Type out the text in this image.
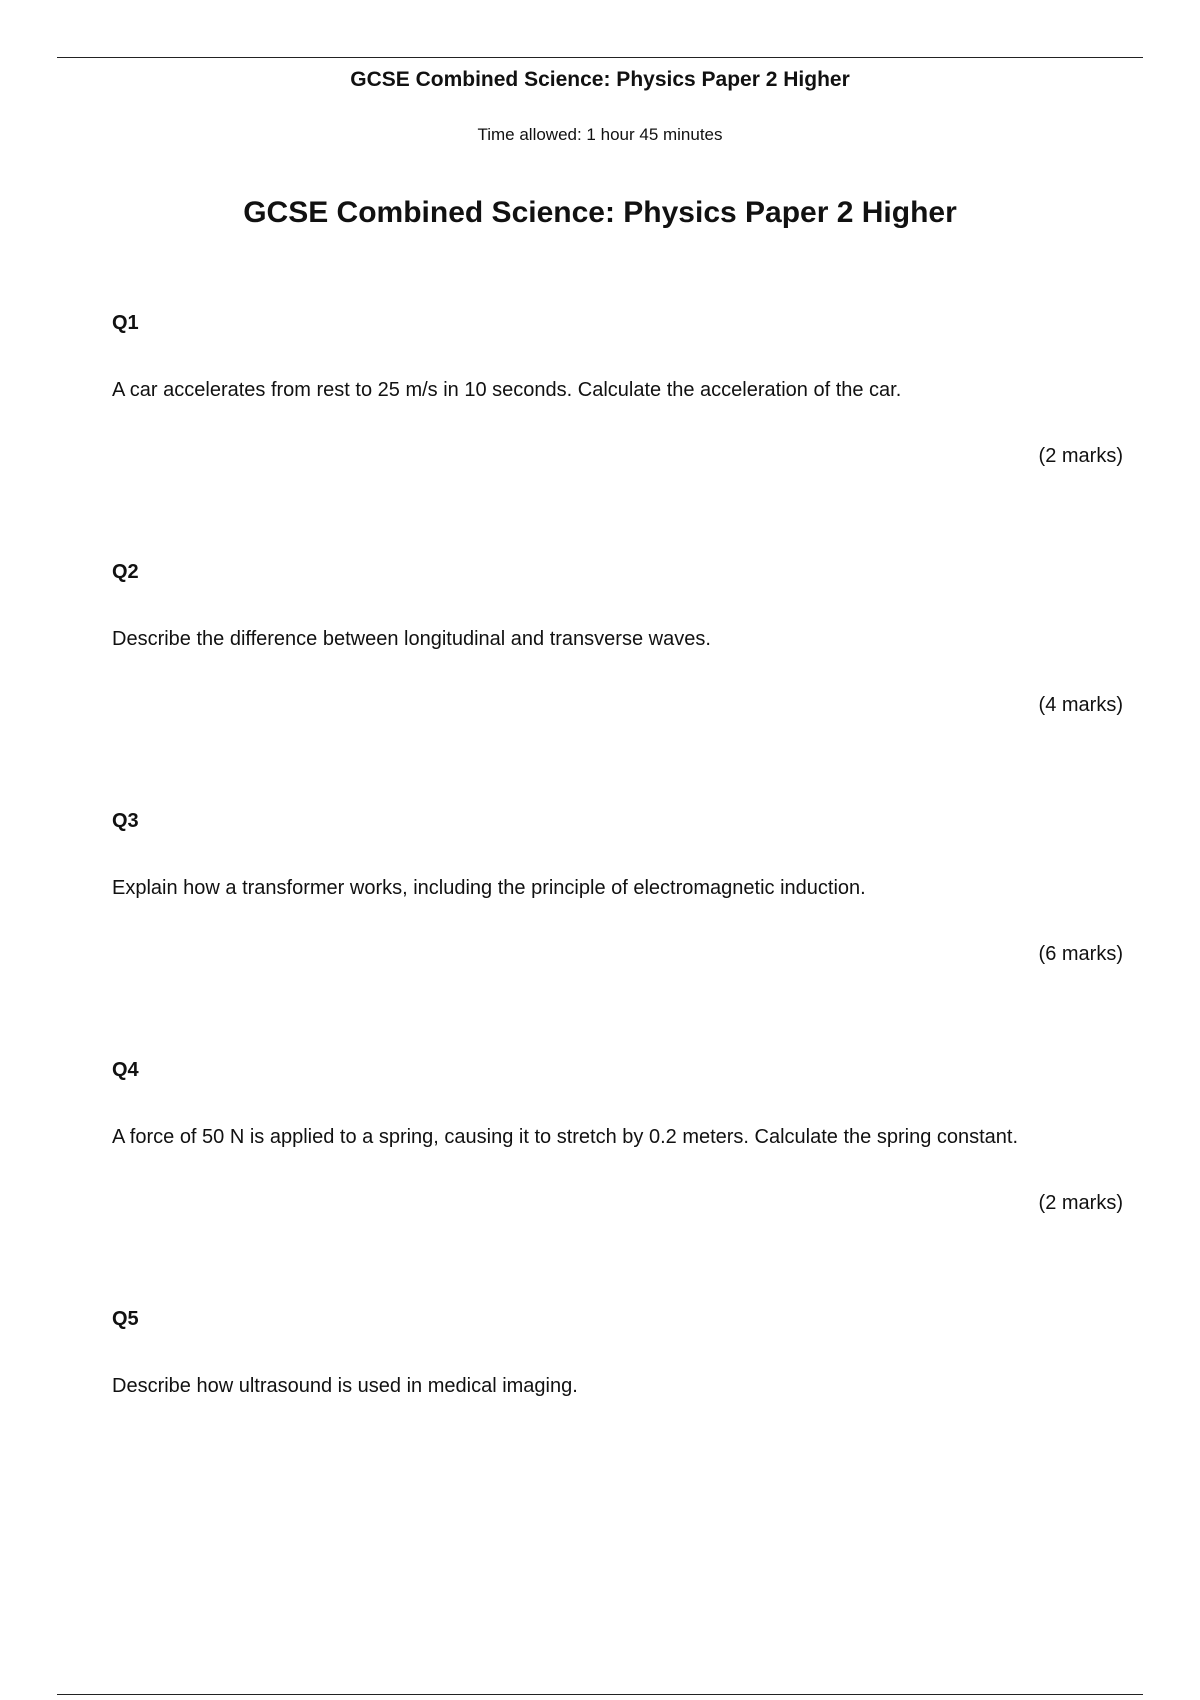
GCSE Combined Science: Physics Paper 2 Higher
Time allowed: 1 hour 45 minutes
GCSE Combined Science: Physics Paper 2 Higher
Q1
A car accelerates from rest to 25 m/s in 10 seconds. Calculate the acceleration of the car.
(2 marks)
Q2
Describe the difference between longitudinal and transverse waves.
(4 marks)
Q3
Explain how a transformer works, including the principle of electromagnetic induction.
(6 marks)
Q4
A force of 50 N is applied to a spring, causing it to stretch by 0.2 meters. Calculate the spring constant.
(2 marks)
Q5
Describe how ultrasound is used in medical imaging.
